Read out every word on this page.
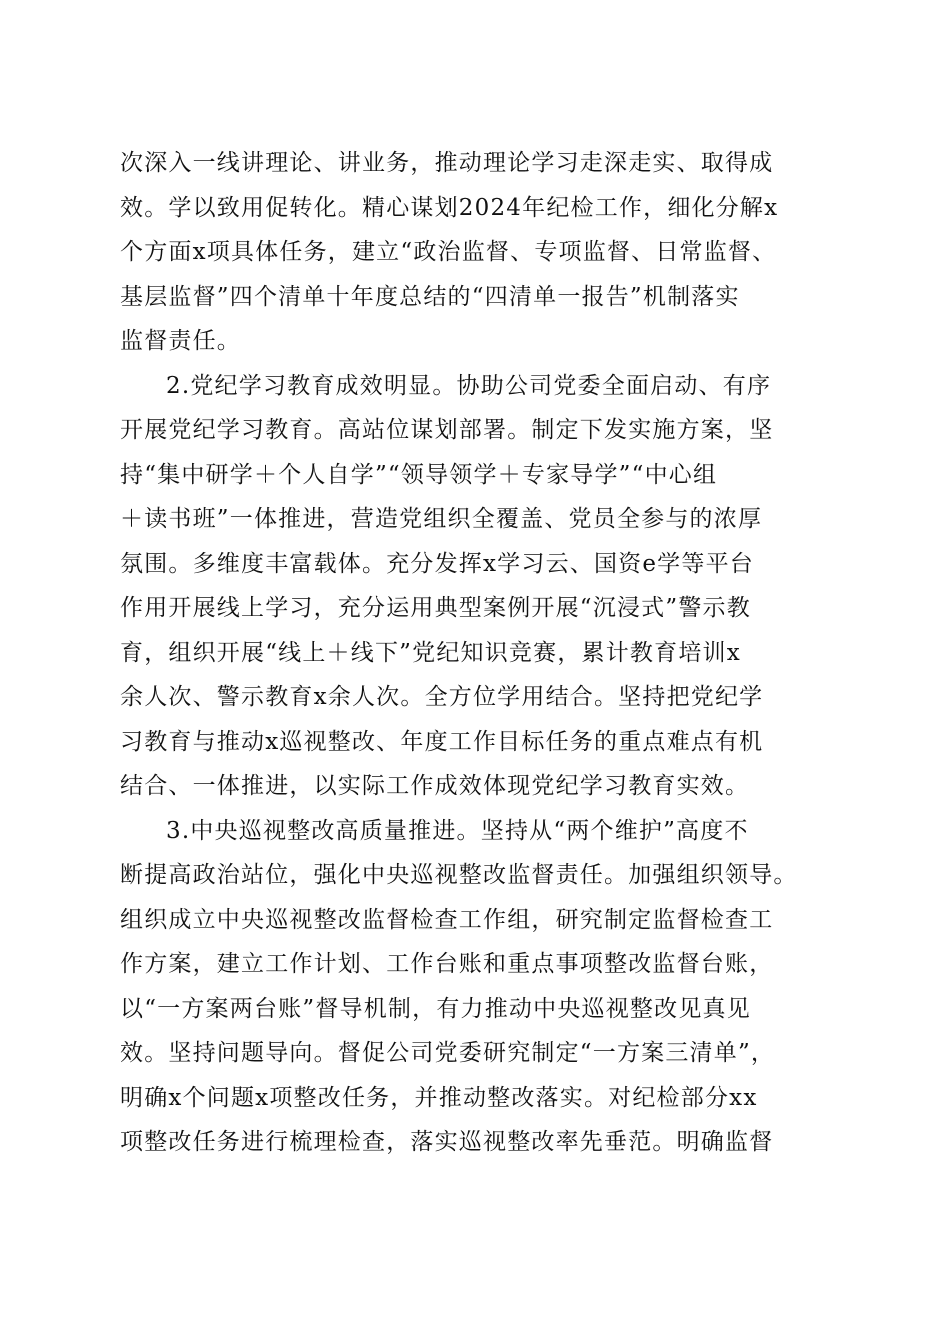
次深入一线讲理论、讲业务，推动理论学习走深走实、取得成
效。学以致用促转化。精心谋划2024年纪检工作，细化分解x
个方面x项具体任务，建立“政治监督、专项监督、日常监督、
基层监督”四个清单十年度总结的“四清单一报告”机制落实
监督责任。
2.党纪学习教育成效明显。协助公司党委全面启动、有序
开展党纪学习教育。高站位谋划部署。制定下发实施方案，坚
持“集中研学＋个人自学”“领导领学＋专家导学”“中心组
＋读书班”一体推进，营造党组织全覆盖、党员全参与的浓厚
氛围。多维度丰富载体。充分发挥x学习云、国资e学等平台
作用开展线上学习，充分运用典型案例开展“沉浸式”警示教
育，组织开展“线上＋线下”党纪知识竞赛，累计教育培训x
余人次、警示教育x余人次。全方位学用结合。坚持把党纪学
习教育与推动x巡视整改、年度工作目标任务的重点难点有机
结合、一体推进，以实际工作成效体现党纪学习教育实效。
3.中央巡视整改高质量推进。坚持从“两个维护”高度不
断提高政治站位，强化中央巡视整改监督责任。加强组织领导。
组织成立中央巡视整改监督检查工作组，研究制定监督检查工
作方案，建立工作计划、工作台账和重点事项整改监督台账，
以“一方案两台账”督导机制，有力推动中央巡视整改见真见
效。坚持问题导向。督促公司党委研究制定“一方案三清单”，
明确x个问题x项整改任务，并推动整改落实。对纪检部分xx
项整改任务进行梳理检查，落实巡视整改率先垂范。明确监督
